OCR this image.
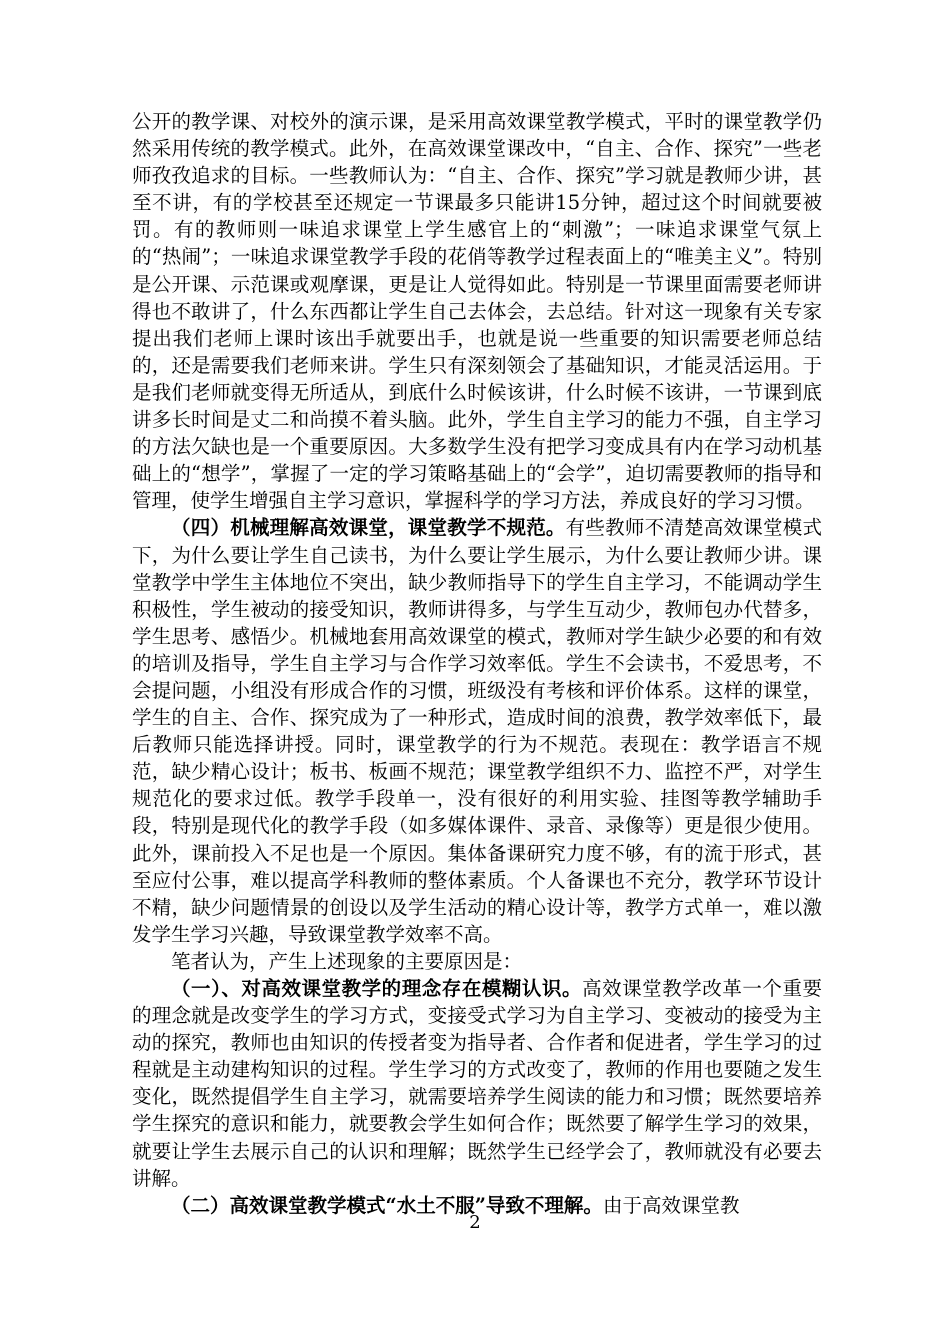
公开的教学课、对校外的演示课，是采用高效课堂教学模式，平时的课堂教学仍然采用传统的教学模式。此外，在高效课堂课改中，“自主、合作、探究”一些老师孜孜追求的目标。一些教师认为：“自主、合作、探究”学习就是教师少讲，甚至不讲，有的学校甚至还规定一节课最多只能讲15分钟，超过这个时间就要被罚。有的教师则一味追求课堂上学生感官上的“刺激”；一味追求课堂气氛上的“热闹”；一味追求课堂教学手段的花俏等教学过程表面上的“唯美主义”。特别是公开课、示范课或观摩课，更是让人觉得如此。特别是一节课里面需要老师讲得也不敢讲了，什么东西都让学生自己去体会，去总结。针对这一现象有关专家提出我们老师上课时该出手就要出手，也就是说一些重要的知识需要老师总结的，还是需要我们老师来讲。学生只有深刻领会了基础知识，才能灵活运用。于是我们老师就变得无所适从，到底什么时候该讲，什么时候不该讲，一节课到底讲多长时间是丈二和尚摸不着头脑。此外，学生自主学习的能力不强，自主学习的方法欠缺也是一个重要原因。大多数学生没有把学习变成具有内在学习动机基础上的“想学”，掌握了一定的学习策略基础上的“会学”，迫切需要教师的指导和管理，使学生增强自主学习意识，掌握科学的学习方法，养成良好的学习习惯。

（四）机械理解高效课堂，课堂教学不规范。有些教师不清楚高效课堂模式下，为什么要让学生自己读书，为什么要让学生展示，为什么要让教师少讲。课堂教学中学生主体地位不突出，缺少教师指导下的学生自主学习，不能调动学生积极性，学生被动的接受知识，教师讲得多，与学生互动少，教师包办代替多，学生思考、感悟少。机械地套用高效课堂的模式，教师对学生缺少必要的和有效的培训及指导，学生自主学习与合作学习效率低。学生不会读书，不爱思考，不会提问题，小组没有形成合作的习惯，班级没有考核和评价体系。这样的课堂，学生的自主、合作、探究成为了一种形式，造成时间的浪费，教学效率低下，最后教师只能选择讲授。同时，课堂教学的行为不规范。表现在：教学语言不规范，缺少精心设计；板书、板画不规范；课堂教学组织不力、监控不严，对学生规范化的要求过低。教学手段单一，没有很好的利用实验、挂图等教学辅助手段，特别是现代化的教学手段（如多媒体课件、录音、录像等）更是很少使用。此外，课前投入不足也是一个原因。集体备课研究力度不够，有的流于形式，甚至应付公事，难以提高学科教师的整体素质。个人备课也不充分，教学环节设计不精，缺少问题情景的创设以及学生活动的精心设计等，教学方式单一，难以激发学生学习兴趣，导致课堂教学效率不高。

笔者认为，产生上述现象的主要原因是：

（一）、对高效课堂教学的理念存在模糊认识。高效课堂教学改革一个重要的理念就是改变学生的学习方式，变接受式学习为自主学习、变被动的接受为主动的探究，教师也由知识的传授者变为指导者、合作者和促进者，学生学习的过程就是主动建构知识的过程。学生学习的方式改变了，教师的作用也要随之发生变化，既然提倡学生自主学习，就需要培养学生阅读的能力和习惯；既然要培养学生探究的意识和能力，就要教会学生如何合作；既然要了解学生学习的效果，就要让学生去展示自己的认识和理解；既然学生已经学会了，教师就没有必要去讲解。

（二）高效课堂教学模式“水土不服”导致不理解。由于高效课堂教

2
